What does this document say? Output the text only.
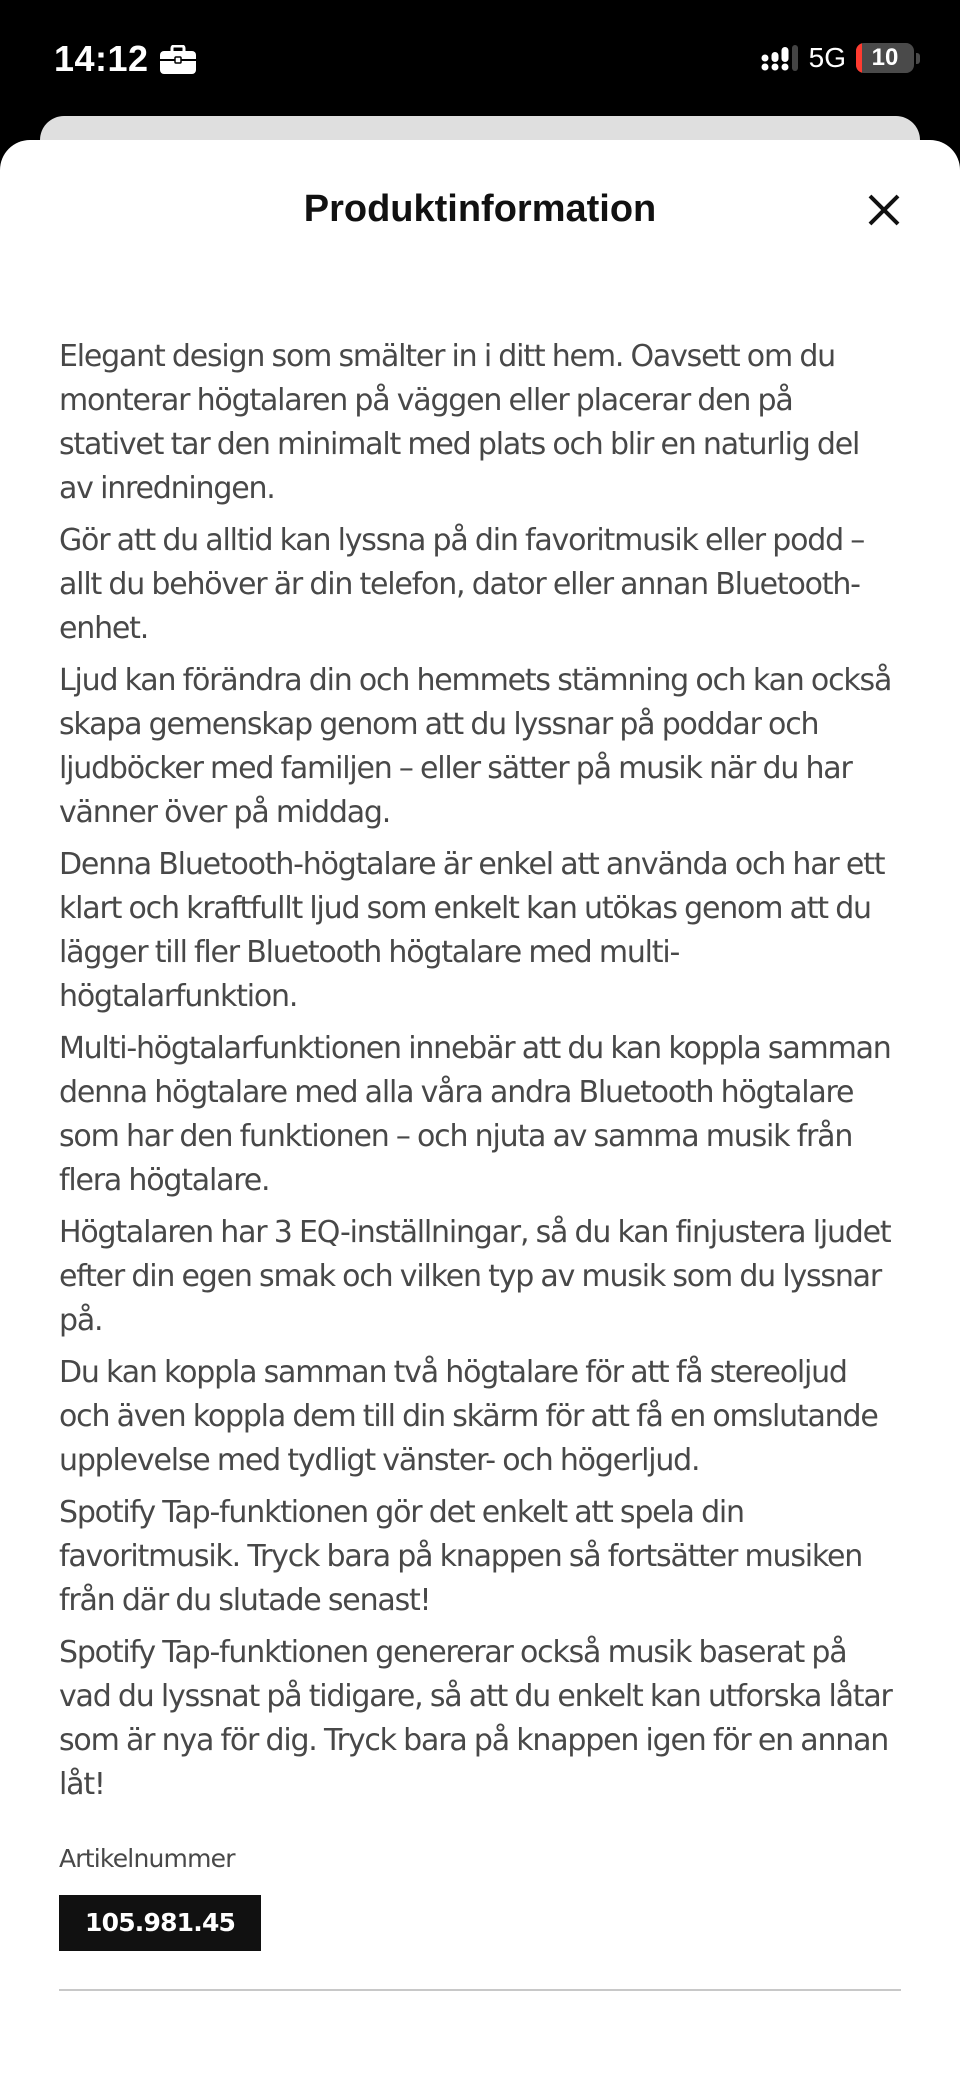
14:12	5G 10
Produktinformation

Elegant design som smälter in i ditt hem. Oavsett om du monterar högtalaren på väggen eller placerar den på stativet tar den minimalt med plats och blir en naturlig del av inredningen.

Gör att du alltid kan lyssna på din favoritmusik eller podd – allt du behöver är din telefon, dator eller annan Bluetooth-enhet.

Ljud kan förändra din och hemmets stämning och kan också skapa gemenskap genom att du lyssnar på poddar och ljudböcker med familjen – eller sätter på musik när du har vänner över på middag.

Denna Bluetooth-högtalare är enkel att använda och har ett klart och kraftfullt ljud som enkelt kan utökas genom att du lägger till fler Bluetooth högtalare med multi-högtalarfunktion.

Multi-högtalarfunktionen innebär att du kan koppla samman denna högtalare med alla våra andra Bluetooth högtalare som har den funktionen – och njuta av samma musik från flera högtalare.

Högtalaren har 3 EQ-inställningar, så du kan finjustera ljudet efter din egen smak och vilken typ av musik som du lyssnar på.

Du kan koppla samman två högtalare för att få stereoljud och även koppla dem till din skärm för att få en omslutande upplevelse med tydligt vänster- och högerljud.

Spotify Tap-funktionen gör det enkelt att spela din favoritmusik. Tryck bara på knappen så fortsätter musiken från där du slutade senast!

Spotify Tap-funktionen genererar också musik baserat på vad du lyssnat på tidigare, så att du enkelt kan utforska låtar som är nya för dig. Tryck bara på knappen igen för en annan låt!

Artikelnummer
105.981.45
